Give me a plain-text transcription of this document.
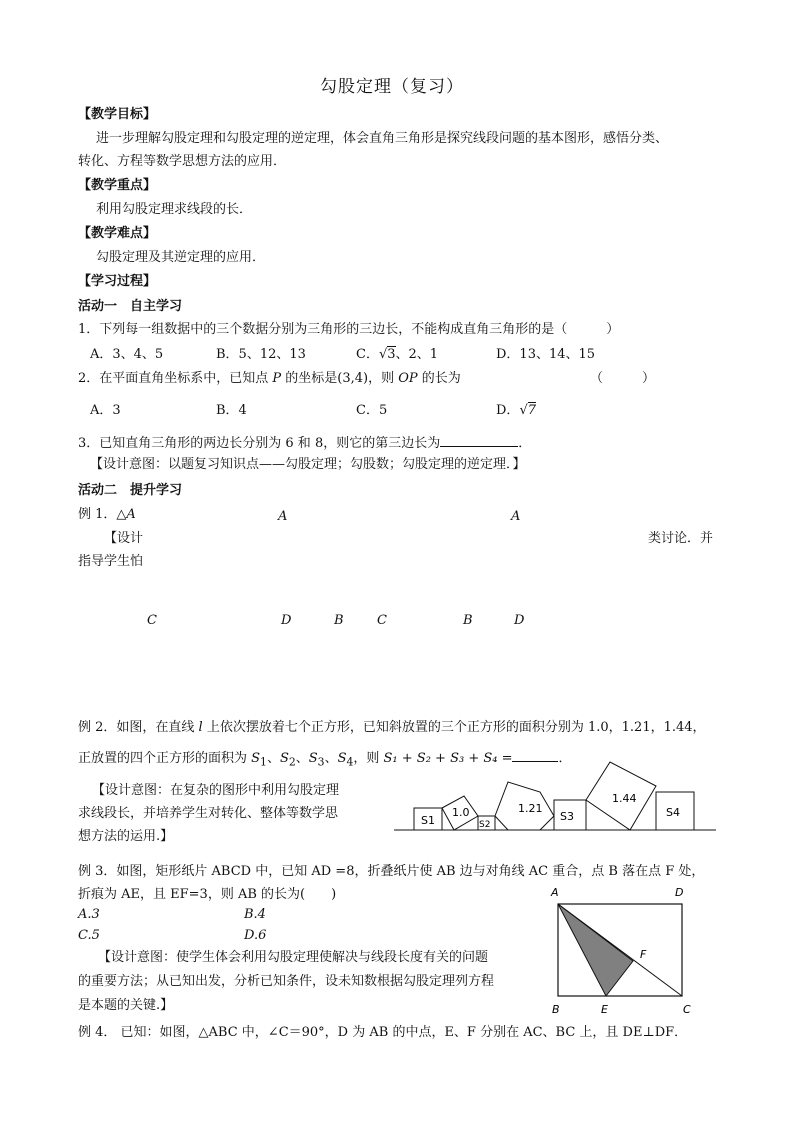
勾股定理（复习）
【教学目标】
进一步理解勾股定理和勾股定理的逆定理，体会直角三角形是探究线段问题的基本图形，感悟分类、
转化、方程等数学思想方法的应用．
【教学重点】
利用勾股定理求线段的长．
【教学难点】
勾股定理及其逆定理的应用．
【学习过程】
活动一　自主学习
1．下列每一组数据中的三个数据分别为三角形的三边长，不能构成直角三角形的是（　　　）
A．3、4、5	B．5、12、13	C．√3、2、1	D．13、14、15
2．在平面直角坐标系中，已知点 P 的坐标是(3,4)，则 OP 的长为	（　　　）
A．3	B．4	C．5	D．√7
3．已知直角三角形的两边长分别为 6 和 8，则它的第三边长为	．
【设计意图：以题复习知识点——勾股定理；勾股数；勾股定理的逆定理．】
活动二　提升学习
例 1．△A	A	A
【设计	类讨论．并
指导学生怕
C	D	B	C	B	D
例 2．如图，在直线 l 上依次摆放着七个正方形，已知斜放置的三个正方形的面积分别为 1.0，1.21，1.44，
正放置的四个正方形的面积为 $S_1$、$S_2$、$S_3$、$S_4$，则 S₁ + S₂ + S₃ + S₄ =	．
【设计意图：在复杂的图形中利用勾股定理
求线段长，并培养学生对转化、整体等数学思
想方法的运用.】
S1
1.0
S2
1.21
S3
1.44
S4
例 3．如图，矩形纸片 ABCD 中，已知 AD =8，折叠纸片使 AB 边与对角线 AC 重合，点 B 落在点 F 处，
折痕为 AE，且 EF=3，则 AB 的长为(　　)
A.3	B.4
C.5	D.6
【设计意图：使学生体会利用勾股定理使解决与线段长度有关的问题
的重要方法；从已知出发，分析已知条件，设未知数根据勾股定理列方程
是本题的关键.】
A	D
B	C
E
F
例 4． 已知：如图，△ABC 中，∠C＝90°，D 为 AB 的中点，E、F 分别在 AC、BC 上，且 DE⊥DF．
